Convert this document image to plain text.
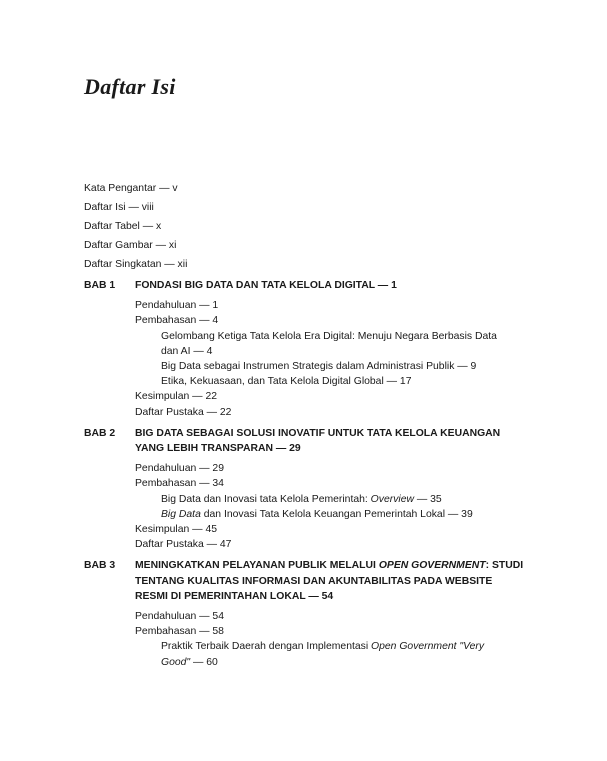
Daftar Isi
Kata Pengantar — v
Daftar Isi — viii
Daftar Tabel — x
Daftar Gambar — xi
Daftar Singkatan — xii
BAB 1	FONDASI BIG DATA DAN TATA KELOLA DIGITAL — 1
Pendahuluan — 1
Pembahasan — 4
Gelombang Ketiga Tata Kelola Era Digital: Menuju Negara Berbasis Data
dan AI — 4
Big Data sebagai Instrumen Strategis dalam Administrasi Publik — 9
Etika, Kekuasaan, dan Tata Kelola Digital Global — 17
Kesimpulan — 22
Daftar Pustaka — 22
BAB 2	BIG DATA SEBAGAI SOLUSI INOVATIF UNTUK TATA KELOLA KEUANGAN
YANG LEBIH TRANSPARAN — 29
Pendahuluan — 29
Pembahasan — 34
Big Data dan Inovasi tata Kelola Pemerintah: Overview — 35
Big Data dan Inovasi Tata Kelola Keuangan Pemerintah Lokal — 39
Kesimpulan — 45
Daftar Pustaka — 47
BAB 3	MENINGKATKAN PELAYANAN PUBLIK MELALUI OPEN GOVERNMENT: STUDI
TENTANG KUALITAS INFORMASI DAN AKUNTABILITAS PADA WEBSITE
RESMI DI PEMERINTAHAN LOKAL — 54
Pendahuluan — 54
Pembahasan — 58
Praktik Terbaik Daerah dengan Implementasi Open Government "Very
Good" — 60
